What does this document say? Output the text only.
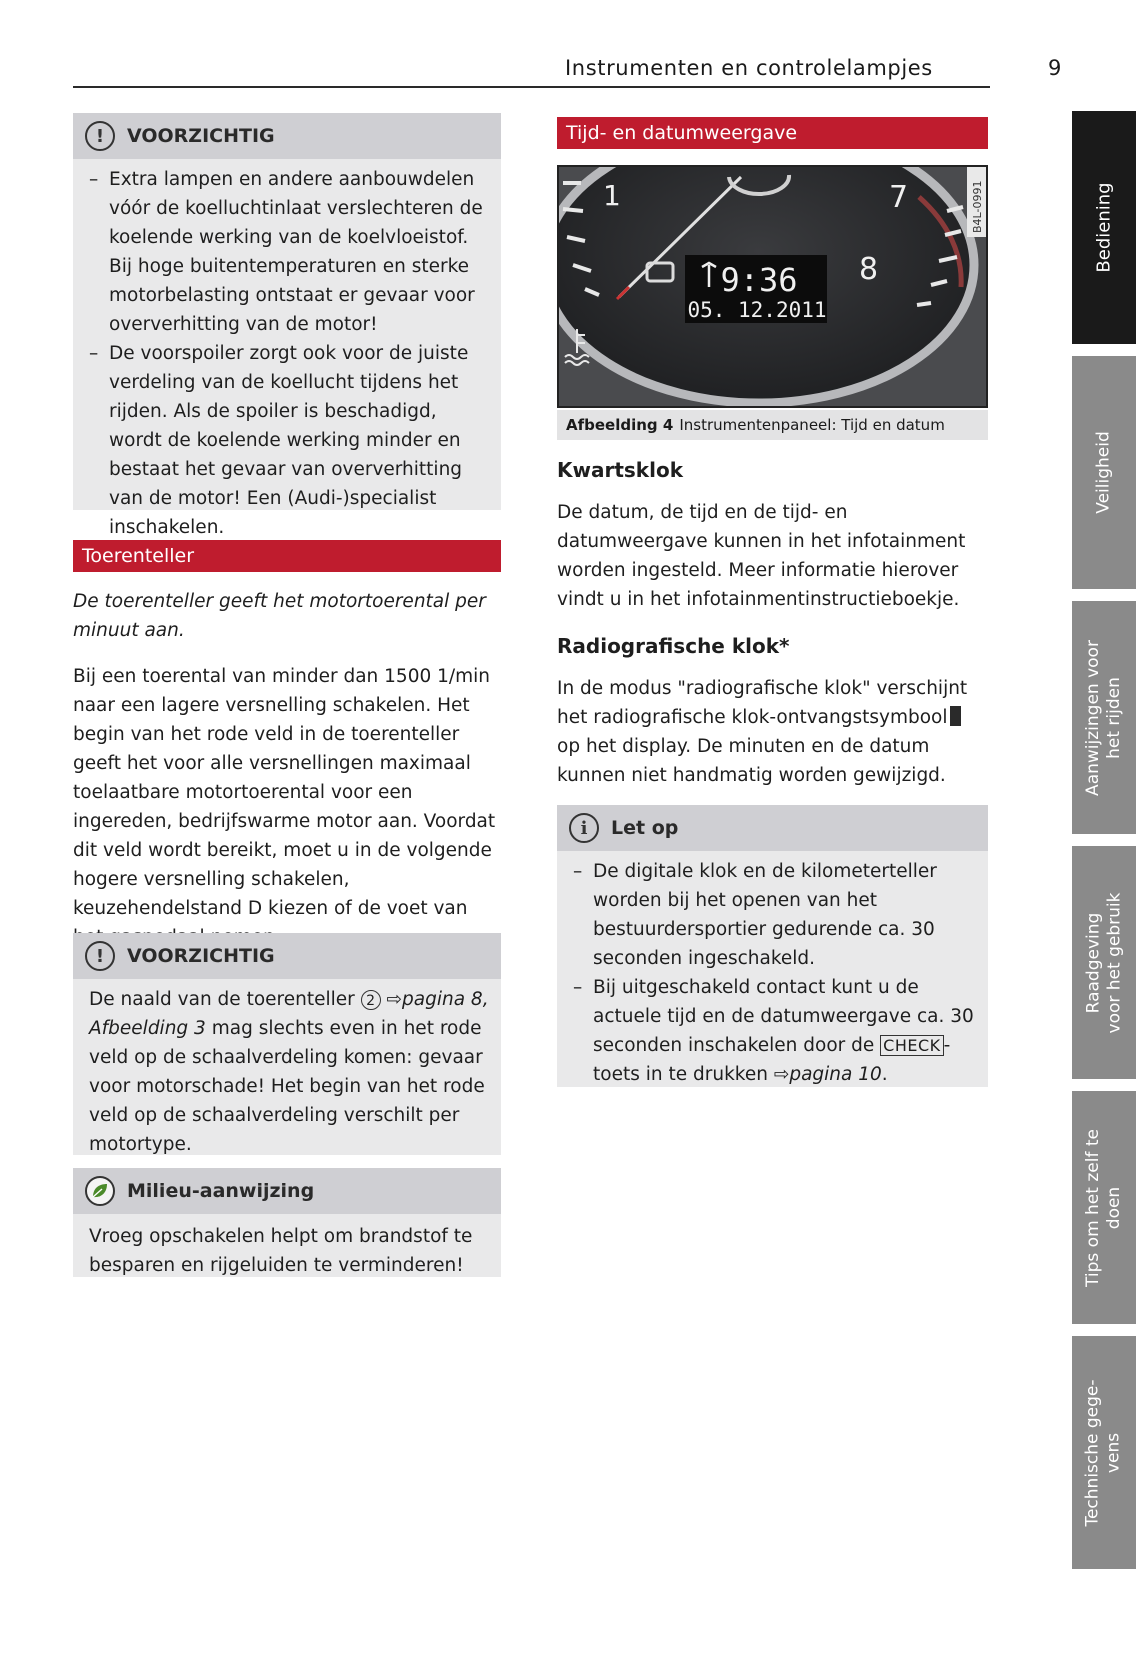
Instrumenten en controlelampjes	9
!	VOORZICHTIG
– Extra lampen en andere aanbouwdelen vóór de koelluchtinlaat verslechteren de koelende werking van de koelvloeistof. Bij hoge buitentemperaturen en sterke motorbelasting ontstaat er gevaar voor oververhitting van de motor!
– De voorspoiler zorgt ook voor de juiste verdeling van de koellucht tijdens het rijden. Als de spoiler is beschadigd, wordt de koelende werking minder en bestaat het gevaar van oververhitting van de motor! Een (Audi-)specialist inschakelen.
Toerenteller
De toerenteller geeft het motortoerental per minuut aan.
Bij een toerental van minder dan 1500 1/min naar een lagere versnelling schakelen. Het begin van het rode veld in de toerenteller geeft het voor alle versnellingen maximaal toelaatbare motortoerental voor een ingereden, bedrijfswarme motor aan. Voordat dit veld wordt bereikt, moet u in de volgende hogere versnelling schakelen, keuzehendelstand D kiezen of de voet van
!	VOORZICHTIG
De naald van de toerenteller 2 ⇨pagina 8, Afbeelding 3 mag slechts even in het rode veld op de schaalverdeling komen: gevaar voor motorschade! Het begin van het rode veld op de schaalverdeling verschilt per motortype.
Milieu-aanwijzing
Vroeg opschakelen helpt om brandstof te besparen en rijgeluiden te verminderen!
Tijd- en datumweergave
1	7
8
9:36
05. 12.2011
B4L-0991
Afbeelding 4 Instrumentenpaneel: Tijd en datum
Kwartsklok
De datum, de tijd en de tijd- en datumweergave kunnen in het infotainment worden ingesteld. Meer informatie hierover vindt u in het infotainmentinstructieboekje.
Radiografische klok*
In de modus "radiografische klok" verschijnt het radiografische klok-ontvangstsymbool op het display. De minuten en de datum kunnen niet handmatig worden gewijzigd.
i	Let op
– De digitale klok en de kilometerteller worden bij het openen van het bestuurdersportier gedurende ca. 30 seconden ingeschakeld.
– Bij uitgeschakeld contact kunt u de actuele tijd en de datumweergave ca. 30 seconden inschakelen door de CHECK -toets in te drukken ⇨pagina 10.
Bediening
Veiligheid
Aanwijzingen voor het rijden
Raadgeving voor het gebruik
Tips om het zelf te doen
Technische gege- vens
